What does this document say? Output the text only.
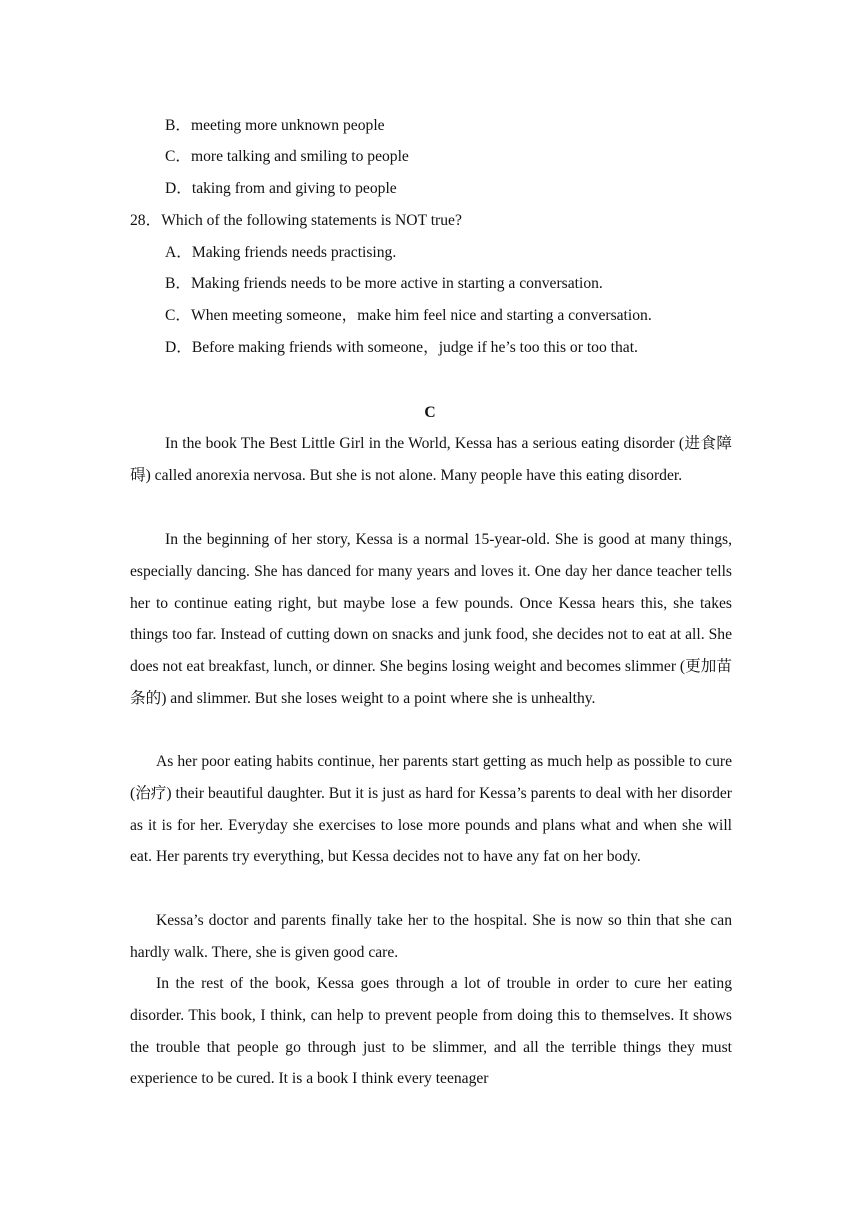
B．meeting more unknown people
C．more talking and smiling to people
D．taking from and giving to people
28．Which of the following statements is NOT true?
A．Making friends needs practising.
B．Making friends needs to be more active in starting a conversation.
C．When meeting someone，make him feel nice and starting a conversation.
D．Before making friends with someone，judge if he’s too this or too that.
C

In the book The Best Little Girl in the World, Kessa has a serious eating disorder (进食障碍) called anorexia nervosa. But she is not alone. Many people have this eating disorder.

In the beginning of her story, Kessa is a normal 15-year-old. She is good at many things, especially dancing. She has danced for many years and loves it. One day her dance teacher tells her to continue eating right, but maybe lose a few pounds. Once Kessa hears this, she takes things too far. Instead of cutting down on snacks and junk food, she decides not to eat at all. She does not eat breakfast, lunch, or dinner. She begins losing weight and becomes slimmer (更加苗条的) and slimmer. But she loses weight to a point where she is unhealthy.

As her poor eating habits continue, her parents start getting as much help as possible to cure (治疗) their beautiful daughter. But it is just as hard for Kessa’s parents to deal with her disorder as it is for her. Everyday she exercises to lose more pounds and plans what and when she will eat. Her parents try everything, but Kessa decides not to have any fat on her body.

Kessa’s doctor and parents finally take her to the hospital. She is now so thin that she can hardly walk. There, she is given good care.

In the rest of the book, Kessa goes through a lot of trouble in order to cure her eating disorder. This book, I think, can help to prevent people from doing this to themselves. It shows the trouble that people go through just to be slimmer, and all the terrible things they must experience to be cured. It is a book I think every teenager
